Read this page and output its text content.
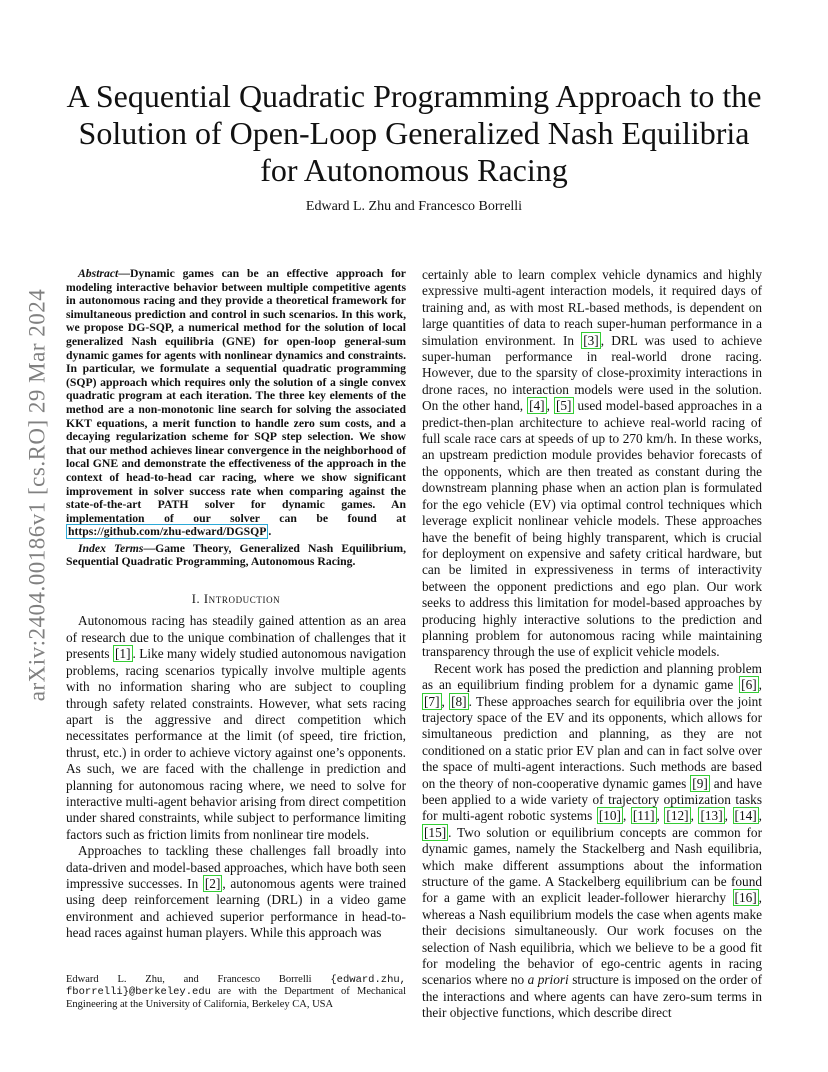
arXiv:2404.00186v1 [cs.RO] 29 Mar 2024
A Sequential Quadratic Programming Approach to the Solution of Open-Loop Generalized Nash Equilibria for Autonomous Racing

Edward L. Zhu and Francesco Borrelli

Abstract—Dynamic games can be an effective approach for modeling interactive behavior between multiple competitive agents in autonomous racing and they provide a theoretical framework for simultaneous prediction and control in such scenarios. In this work, we propose DG-SQP, a numerical method for the solution of local generalized Nash equilibria (GNE) for open-loop general-sum dynamic games for agents with nonlinear dynamics and constraints. In particular, we formulate a sequential quadratic programming (SQP) approach which requires only the solution of a single convex quadratic program at each iteration. The three key elements of the method are a non-monotonic line search for solving the associated KKT equations, a merit function to handle zero sum costs, and a decaying regularization scheme for SQP step selection. We show that our method achieves linear convergence in the neighborhood of local GNE and demonstrate the effectiveness of the approach in the context of head-to-head car racing, where we show significant improvement in solver success rate when comparing against the state-of-the-art PATH solver for dynamic games. An implementation of our solver can be found at https://github.com/zhu-edward/DGSQP .

Index Terms—Game Theory, Generalized Nash Equilibrium, Sequential Quadratic Programming, Autonomous Racing.

I. Introduction

Autonomous racing has steadily gained attention as an area of research due to the unique combination of challenges that it presents [1] . Like many widely studied autonomous navigation problems, racing scenarios typically involve multiple agents with no information sharing who are subject to coupling through safety related constraints. However, what sets racing apart is the aggressive and direct competition which necessitates performance at the limit (of speed, tire friction, thrust, etc.) in order to achieve victory against one’s opponents. As such, we are faced with the challenge in prediction and planning for autonomous racing where, we need to solve for interactive multi-agent behavior arising from direct competition under shared constraints, while subject to performance limiting factors such as friction limits from nonlinear tire models.

Approaches to tackling these challenges fall broadly into data-driven and model-based approaches, which have both seen impressive successes. In [2] , autonomous agents were trained using deep reinforcement learning (DRL) in a video game environment and achieved superior performance in head-to-head races against human players. While this approach was

Edward L. Zhu, and Francesco Borrelli {edward.zhu, fborrelli}@berkeley.edu are with the Department of Mechanical Engineering at the University of California, Berkeley CA, USA

certainly able to learn complex vehicle dynamics and highly expressive multi-agent interaction models, it required days of training and, as with most RL-based methods, is dependent on large quantities of data to reach super-human performance in a simulation environment. In [3] , DRL was used to achieve super-human performance in real-world drone racing. However, due to the sparsity of close-proximity interactions in drone races, no interaction models were used in the solution. On the other hand, [4] , [5] used model-based approaches in a predict-then-plan architecture to achieve real-world racing of full scale race cars at speeds of up to 270 km/h. In these works, an upstream prediction module provides behavior forecasts of the opponents, which are then treated as constant during the downstream planning phase when an action plan is formulated for the ego vehicle (EV) via optimal control techniques which leverage explicit nonlinear vehicle models. These approaches have the benefit of being highly transparent, which is crucial for deployment on expensive and safety critical hardware, but can be limited in expressiveness in terms of interactivity between the opponent predictions and ego plan. Our work seeks to address this limitation for model-based approaches by producing highly interactive solutions to the prediction and planning problem for autonomous racing while maintaining transparency through the use of explicit vehicle models.

Recent work has posed the prediction and planning problem as an equilibrium finding problem for a dynamic game [6] , [7] , [8] . These approaches search for equilibria over the joint trajectory space of the EV and its opponents, which allows for simultaneous prediction and planning, as they are not conditioned on a static prior EV plan and can in fact solve over the space of multi-agent interactions. Such methods are based on the theory of non-cooperative dynamic games [9] and have been applied to a wide variety of trajectory optimization tasks for multi-agent robotic systems [10] , [11] , [12] , [13] , [14] , [15] . Two solution or equilibrium concepts are common for dynamic games, namely the Stackelberg and Nash equilibria, which make different assumptions about the information structure of the game. A Stackelberg equilibrium can be found for a game with an explicit leader-follower hierarchy [16] , whereas a Nash equilibrium models the case when agents make their decisions simultaneously. Our work focuses on the selection of Nash equilibria, which we believe to be a good fit for modeling the behavior of ego-centric agents in racing scenarios where no a priori structure is imposed on the order of the interactions and where agents can have zero-sum terms in their objective functions, which describe direct
